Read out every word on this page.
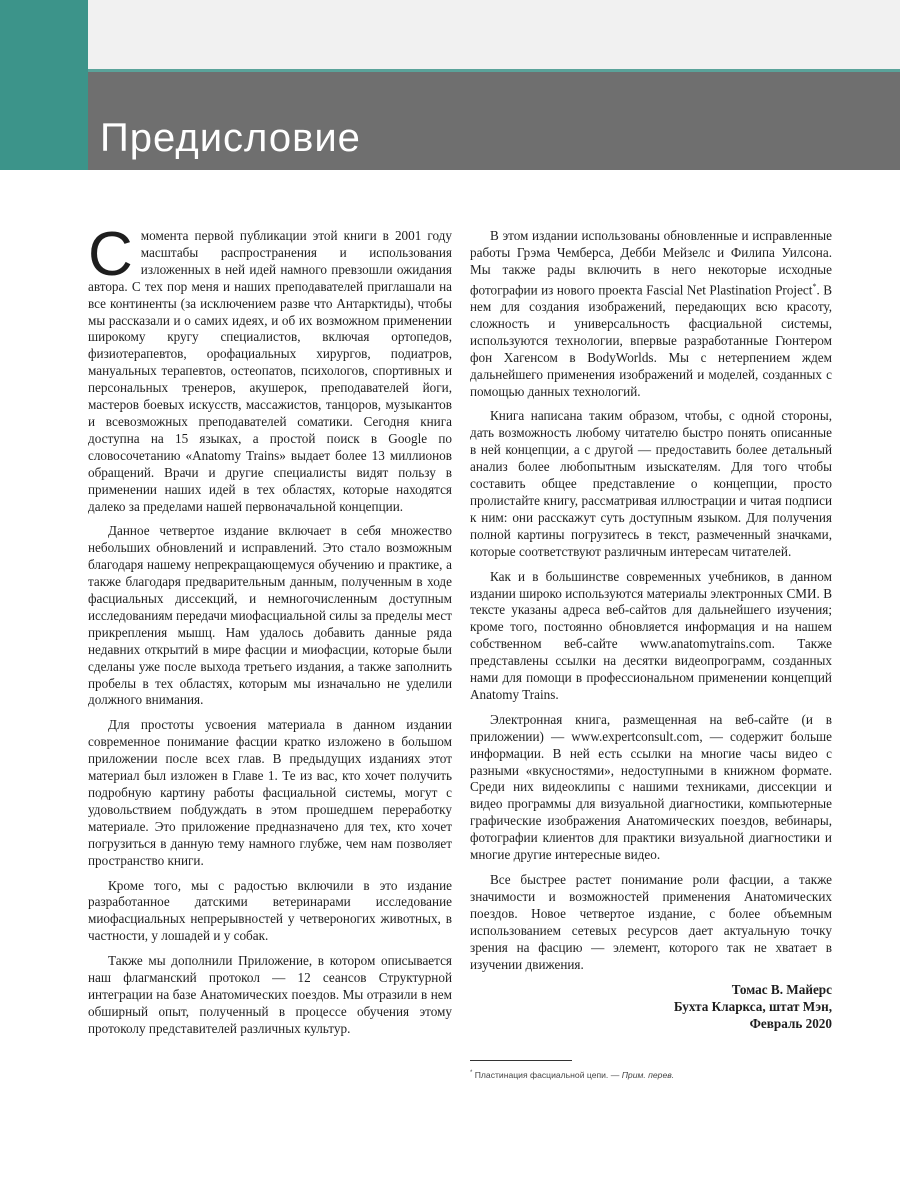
Предисловие

С момента первой публикации этой книги в 2001 году масштабы распространения и использования изложенных в ней идей намного превзошли ожидания автора. С тех пор меня и наших преподавателей приглашали на все континенты (за исключением разве что Антарктиды), чтобы мы рассказали и о самих идеях, и об их возможном применении широкому кругу специалистов, включая ортопедов, физиотерапевтов, орофациальных хирургов, подиатров, мануальных терапевтов, остеопатов, психологов, спортивных и персональных тренеров, акушерок, преподавателей йоги, мастеров боевых искусств, массажистов, танцоров, музыкантов и всевозможных преподавателей соматики. Сегодня книга доступна на 15 языках, а простой поиск в Google по словосочетанию «Anatomy Trains» выдает более 13 миллионов обращений. Врачи и другие специалисты видят пользу в применении наших идей в тех областях, которые находятся далеко за пределами нашей первоначальной концепции.

Данное четвертое издание включает в себя множество небольших обновлений и исправлений. Это стало возможным благодаря нашему непрекращающемуся обучению и практике, а также благодаря предварительным данным, полученным в ходе фасциальных диссекций, и немногочисленным доступным исследованиям передачи миофасциальной силы за пределы мест прикрепления мышц. Нам удалось добавить данные ряда недавних открытий в мире фасции и миофасции, которые были сделаны уже после выхода третьего издания, а также заполнить пробелы в тех областях, которым мы изначально не уделили должного внимания.

Для простоты усвоения материала в данном издании современное понимание фасции кратко изложено в большом приложении после всех глав. В предыдущих изданиях этот материал был изложен в Главе 1. Те из вас, кто хочет получить подробную картину работы фасциальной системы, могут с удовольствием побдуждать в этом прошедшем переработку материале. Это приложение предназначено для тех, кто хочет погрузиться в данную тему намного глубже, чем нам позволяет пространство книги.

Кроме того, мы с радостью включили в это издание разработанное датскими ветеринарами исследование миофасциальных непрерывностей у четвероногих животных, в частности, у лошадей и у собак.

Также мы дополнили Приложение, в котором описывается наш флагманский протокол — 12 сеансов Структурной интеграции на базе Анатомических поездов. Мы отразили в нем обширный опыт, полученный в процессе обучения этому протоколу представителей различных культур.

В этом издании использованы обновленные и исправленные работы Грэма Чемберса, Дебби Мейзелс и Филипа Уилсона. Мы также рады включить в него некоторые исходные фотографии из нового проекта Fascial Net Plastination Project*. В нем для создания изображений, передающих всю красоту, сложность и универсальность фасциальной системы, используются технологии, впервые разработанные Гюнтером фон Хагенсом в BodyWorlds. Мы с нетерпением ждем дальнейшего применения изображений и моделей, созданных с помощью данных технологий.

Книга написана таким образом, чтобы, с одной стороны, дать возможность любому читателю быстро понять описанные в ней концепции, а с другой — предоставить более детальный анализ более любопытным изыскателям. Для того чтобы составить общее представление о концепции, просто пролистайте книгу, рассматривая иллюстрации и читая подписи к ним: они расскажут суть доступным языком. Для получения полной картины погрузитесь в текст, размеченный значками, которые соответствуют различным интересам читателей.

Как и в большинстве современных учебников, в данном издании широко используются материалы электронных СМИ. В тексте указаны адреса веб-сайтов для дальнейшего изучения; кроме того, постоянно обновляется информация и на нашем собственном веб-сайте www.anatomytrains.com. Также представлены ссылки на десятки видеопрограмм, созданных нами для помощи в профессиональном применении концепций Anatomy Trains.

Электронная книга, размещенная на веб-сайте (и в приложении) — www.expertconsult.com, — содержит больше информации. В ней есть ссылки на многие часы видео с разными «вкусностями», недоступными в книжном формате. Среди них видеоклипы с нашими техниками, диссекции и видео программы для визуальной диагностики, компьютерные графические изображения Анатомических поездов, вебинары, фотографии клиентов для практики визуальной диагностики и многие другие интересные видео.

Все быстрее растет понимание роли фасции, а также значимости и возможностей применения Анатомических поездов. Новое четвертое издание, с более объемным использованием сетевых ресурсов дает актуальную точку зрения на фасцию — элемент, которого так не хватает в изучении движения.

Томас В. Майерс
Бухта Кларкса, штат Мэн,
Февраль 2020
* Пластинация фасциальной цепи. — Прим. перев.
